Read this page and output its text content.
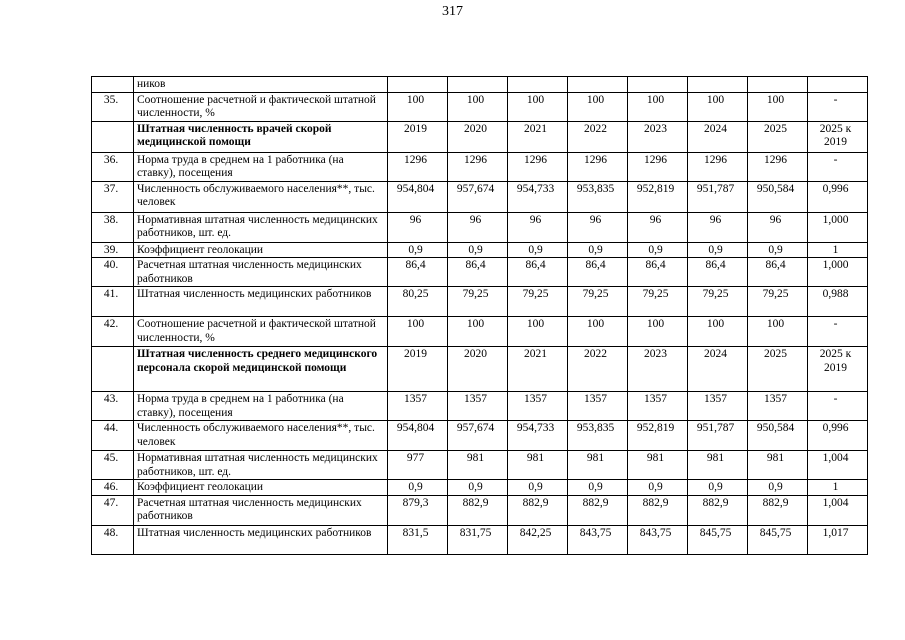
317
	ников								
35.	Соотношение расчетной и фактической штатной численности, %	100	100	100	100	100	100	100	-
	Штатная численность врачей скорой медицинской помощи	2019	2020	2021	2022	2023	2024	2025	2025 к 2019
36.	Норма труда в среднем на 1 работника (на ставку), посещения	1296	1296	1296	1296	1296	1296	1296	-
37.	Численность обслуживаемого населения**, тыс. человек	954,804	957,674	954,733	953,835	952,819	951,787	950,584	0,996
38.	Нормативная штатная численность медицинских работников, шт. ед.	96	96	96	96	96	96	96	1,000
39.	Коэффициент геолокации	0,9	0,9	0,9	0,9	0,9	0,9	0,9	1
40.	Расчетная штатная численность медицинских работников	86,4	86,4	86,4	86,4	86,4	86,4	86,4	1,000
41.	Штатная численность медицинских работников	80,25	79,25	79,25	79,25	79,25	79,25	79,25	0,988
42.	Соотношение расчетной и фактической штатной численности, %	100	100	100	100	100	100	100	-
	Штатная численность среднего медицинского персонала скорой медицинской помощи	2019	2020	2021	2022	2023	2024	2025	2025 к 2019
43.	Норма труда в среднем на 1 работника (на ставку), посещения	1357	1357	1357	1357	1357	1357	1357	-
44.	Численность обслуживаемого населения**, тыс. человек	954,804	957,674	954,733	953,835	952,819	951,787	950,584	0,996
45.	Нормативная штатная численность медицинских работников, шт. ед.	977	981	981	981	981	981	981	1,004
46.	Коэффициент геолокации	0,9	0,9	0,9	0,9	0,9	0,9	0,9	1
47.	Расчетная штатная численность медицинских работников	879,3	882,9	882,9	882,9	882,9	882,9	882,9	1,004
48.	Штатная численность медицинских работников	831,5	831,75	842,25	843,75	843,75	845,75	845,75	1,017
